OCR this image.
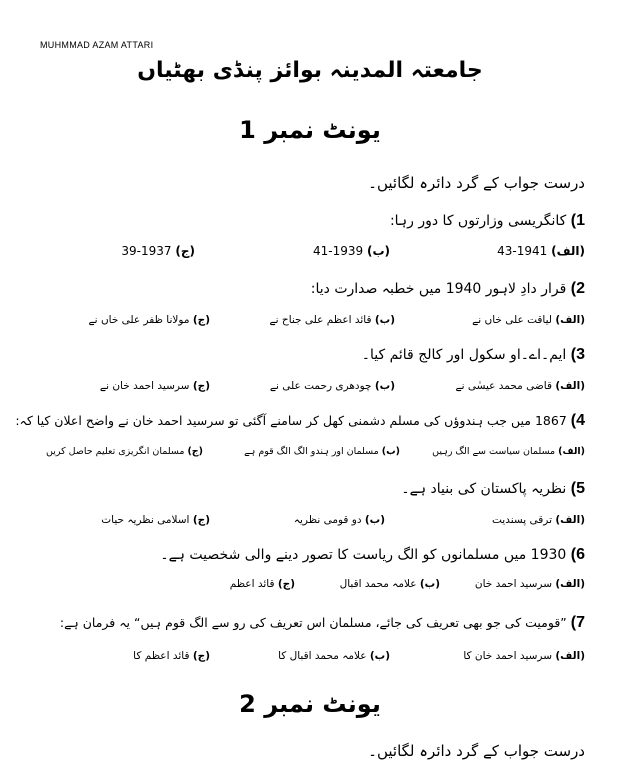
MUHMMAD AZAM ATTARI
جامعتہ المدینہ بوائز پنڈی بھٹیاں
یونٹ نمبر 1
درست جواب کے گرد دائرہ لگائیں۔
1) کانگریسی وزارتوں کا دور رہا:
(الف) 1941-43
(ب) 1939-41
(ج) 1937-39
2) قرار دادِ لاہور 1940 میں خطبہ صدارت دیا:
(الف) لیاقت علی خاں نے
(ب) قائد اعظم علی جناح نے
(ج) مولانا ظفر علی خاں نے
3) ایم۔اے۔او سکول اور کالج قائم کیا۔
(الف) قاضی محمد عیسٰی نے
(ب) چودھری رحمت علی نے
(ج) سرسید احمد خان نے
4) 1867 میں جب ہندوؤں کی مسلم دشمنی کھل کر سامنے آگئی تو سرسید احمد خان نے واضح اعلان کیا کہ:
(الف) مسلمان سیاست سے الگ رہیں
(ب) مسلمان اور ہندو الگ الگ قوم ہے
(ج) مسلمان انگریزی تعلیم حاصل کریں
5) نظریہ پاکستان کی بنیاد ہے۔
(الف) ترقی پسندیت
(ب) دو قومی نظریہ
(ج) اسلامی نظریہ حیات
6) 1930 میں مسلمانوں کو الگ ریاست کا تصور دینے والی شخصیت ہے۔
(الف) سرسید احمد خان
(ب) علامہ محمد اقبال
(ج) قائد اعظم
7) ”قومیت کی جو بھی تعریف کی جائے، مسلمان اس تعریف کی رو سے الگ قوم ہیں“ یہ فرمان ہے:
(الف) سرسید احمد خان کا
(ب) علامہ محمد اقبال کا
(ج) قائد اعظم کا
یونٹ نمبر 2
درست جواب کے گرد دائرہ لگائیں۔
